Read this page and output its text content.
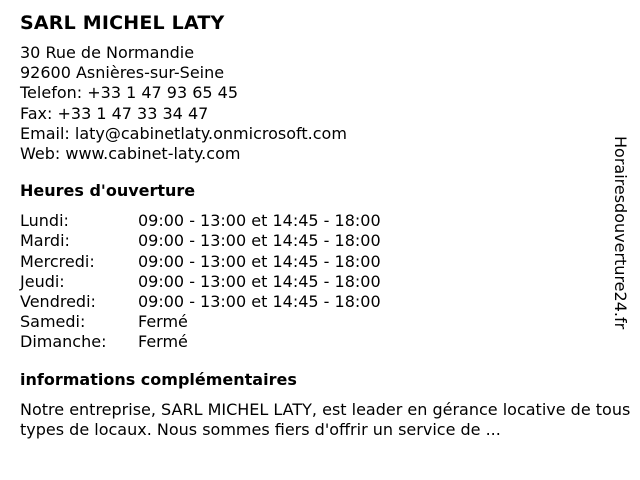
SARL MICHEL LATY
30 Rue de Normandie
92600 Asnières-sur-Seine
Telefon: +33 1 47 93 65 45
Fax: +33 1 47 33 34 47
Email: laty@cabinetlaty.onmicrosoft.com
Web: www.cabinet-laty.com
Heures d'ouverture
Lundi:	09:00 - 13:00 et 14:45 - 18:00
Mardi:	09:00 - 13:00 et 14:45 - 18:00
Mercredi:	09:00 - 13:00 et 14:45 - 18:00
Jeudi:	09:00 - 13:00 et 14:45 - 18:00
Vendredi:	09:00 - 13:00 et 14:45 - 18:00
Samedi:	Fermé
Dimanche:	Fermé
informations complémentaires
Notre entreprise, SARL MICHEL LATY, est leader en gérance locative de tous types de locaux. Nous sommes fiers d'offrir un service de ...
Horairesdouverture24.fr
